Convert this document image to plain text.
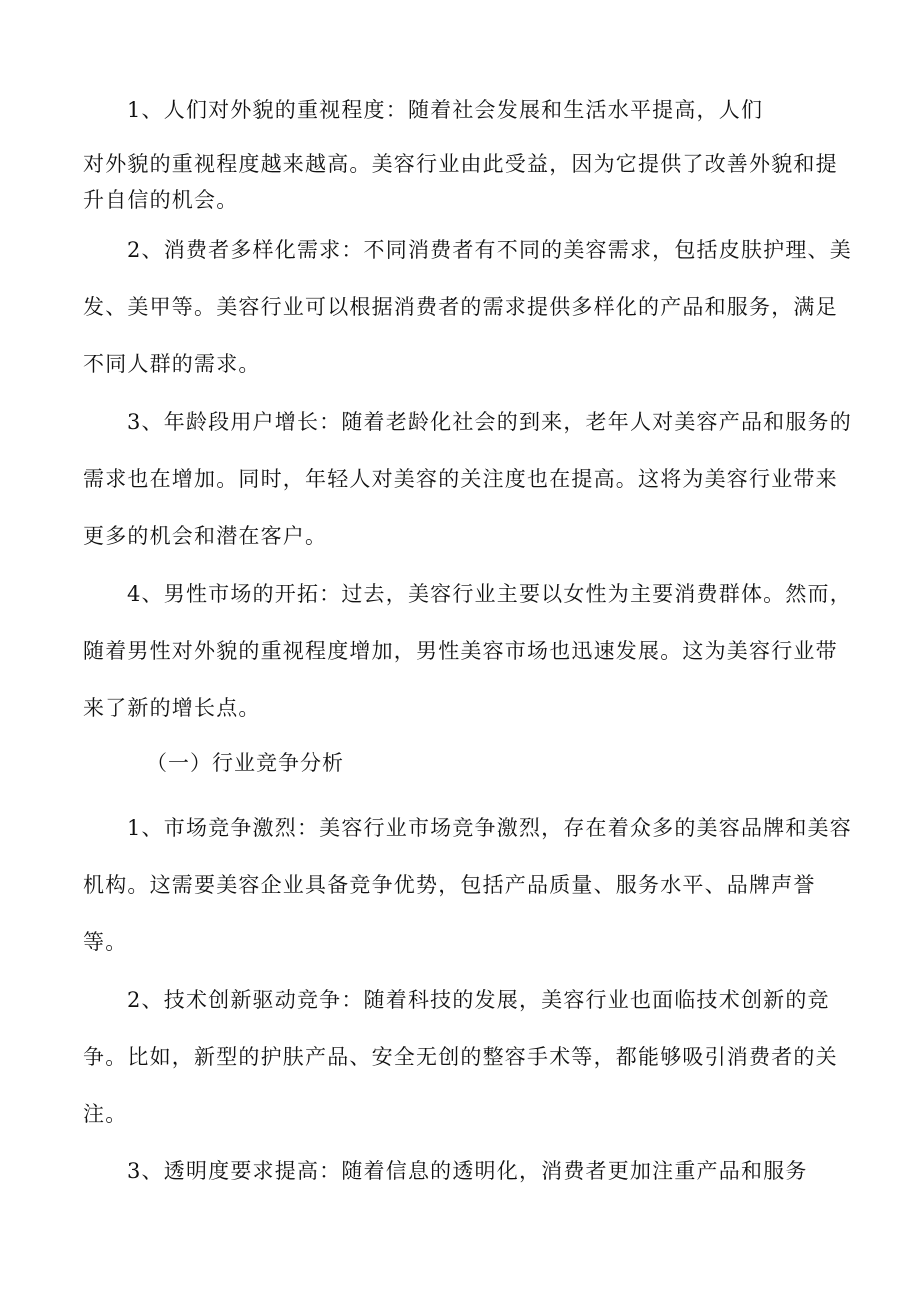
1、人们对外貌的重视程度：随着社会发展和生活水平提高，人们

对外貌的重视程度越来越高。美容行业由此受益，因为它提供了改善外貌和提升自信的机会。

2、消费者多样化需求：不同消费者有不同的美容需求，包括皮肤护理、美发、美甲等。美容行业可以根据消费者的需求提供多样化的产品和服务，满足不同人群的需求。

3、年龄段用户增长：随着老龄化社会的到来，老年人对美容产品和服务的需求也在增加。同时，年轻人对美容的关注度也在提高。这将为美容行业带来更多的机会和潜在客户。

4、男性市场的开拓：过去，美容行业主要以女性为主要消费群体。然而，随着男性对外貌的重视程度增加，男性美容市场也迅速发展。这为美容行业带来了新的增长点。

（一）行业竞争分析

1、市场竞争激烈：美容行业市场竞争激烈，存在着众多的美容品牌和美容机构。这需要美容企业具备竞争优势，包括产品质量、服务水平、品牌声誉等。

2、技术创新驱动竞争：随着科技的发展，美容行业也面临技术创新的竞争。比如，新型的护肤产品、安全无创的整容手术等，都能够吸引消费者的关注。

3、透明度要求提高：随着信息的透明化，消费者更加注重产品和服务
